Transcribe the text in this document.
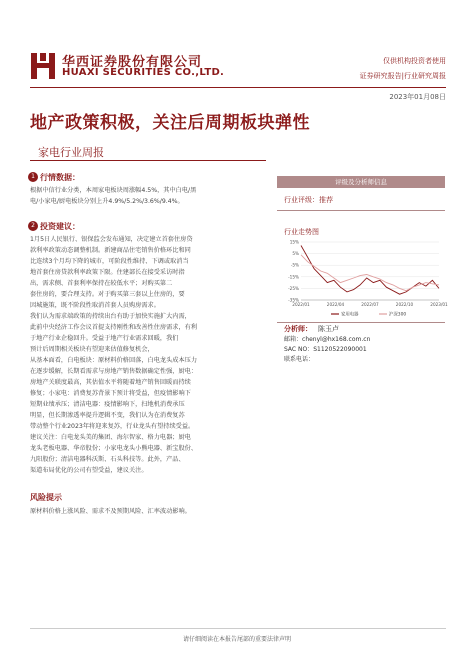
华西证券股份有限公司
HUAXI SECURITIES CO.,LTD.
仅供机构投资者使用
证券研究报告|行业研究周报
2023年01月08日
地产政策积极，关注后周期板块弹性
家电行业周报
1 行情数据：
根据中信行业分类，本周家电板块周涨幅4.5%，其中白电/黑
电/小家电/厨电板块分别上升4.9%/5.2%/3.6%/9.4%。
2 投资建议：
1月5日人民银行、银保监会发布通知，决定建立首套住房贷
款利率政策动态调整机制。新建商品住宅销售价格环比和同
比连续3个月均下降的城市，可阶段性维持、下调或取消当
地首套住房贷款利率政策下限。住建部长在接受采访时指
出，需求侧、首套利率保持在较低水平；对购买第二
套住房的，要合理支持。对于购买第三套以上住房的，要
因城施策，既不阶段性取消首套人员购房需求。
我们认为需求端政策的持续出台有助于加快实施扩大内需，
此前中央经济工作会议首提支持刚性和改善性住房需求，有利
于地产行业企稳回升。受益于地产行业需求回暖，我们
预计后周期相关板块有望迎来估值修复机会，
从基本面看，白电板块：原材料价格回落，白电龙头成本压力
在逐步缓解，长期看需求与房地产销售数据确定性强，厨电：
房地产关联度最高，其估值水平将随着地产销售回暖而持续
修复；小家电：消费复苏背景下预计将受益，但疫情影响下
短期业绩承压；清洁电器：疫情影响下，扫地机消费承压
明显，但长期渗透率提升逻辑不变，我们认为在消费复苏
带动整个行业2023年将迎来复苏，行业龙头有望持续受益。
建议关注：白电龙头美的集团、海尔智家、格力电器；厨电
龙头老板电器、华帝股份；小家电龙头小熊电器、新宝股份、
九阳股份；清洁电器科沃斯、石头科技等。此外，产品、
渠道布局优化的公司有望受益，建议关注。
风险提示
原材料价格上涨风险、需求不及预期风险、汇率波动影响。
评级及分析师信息
行业评级：推荐
行业走势图
15%
5%
-5%
-15%
-25%
-35%
2022/01	2022/04	2022/07	2022/10	2023/01
家用电器	沪深300
分析师： 陈玉卢
邮箱：chenyl@hx168.com.cn
SAC NO：S1120522090001
联系电话：
请仔细阅读在本报告尾部的重要法律声明
